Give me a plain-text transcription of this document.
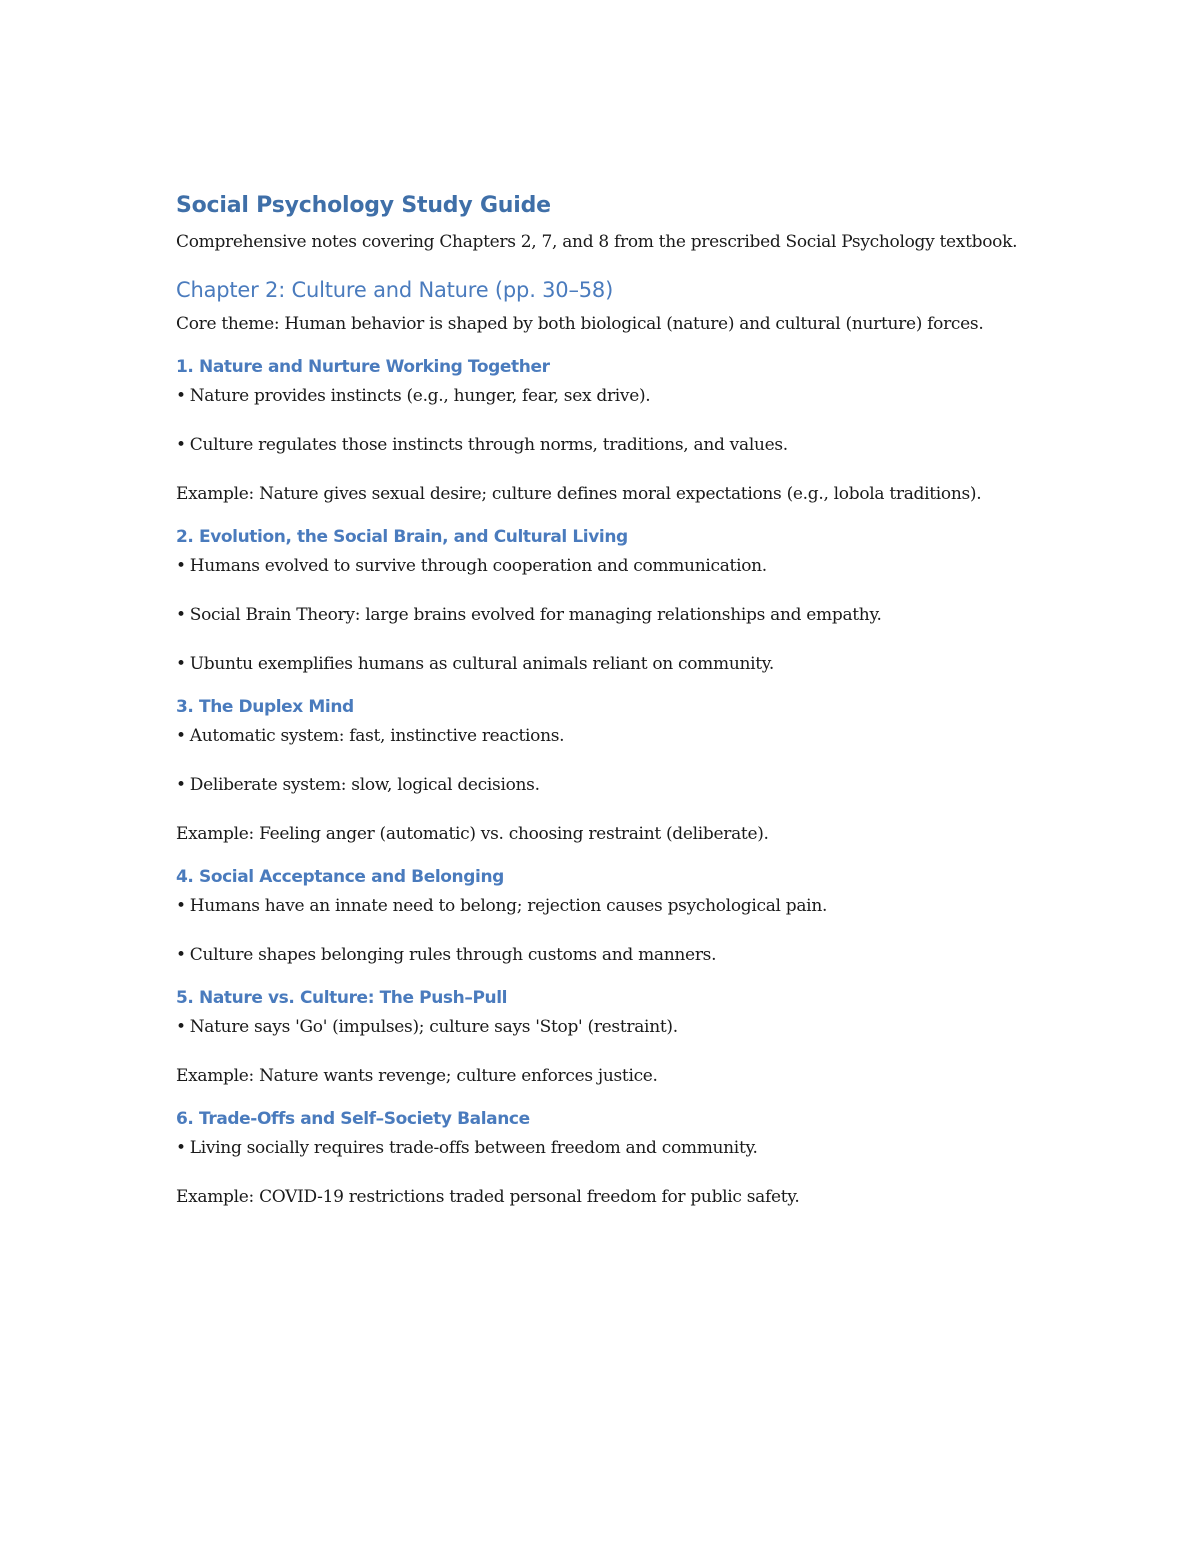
Social Psychology Study Guide
Comprehensive notes covering Chapters 2, 7, and 8 from the prescribed Social Psychology textbook.
Chapter 2: Culture and Nature (pp. 30–58)
Core theme: Human behavior is shaped by both biological (nature) and cultural (nurture) forces.
1. Nature and Nurture Working Together
• Nature provides instincts (e.g., hunger, fear, sex drive).
• Culture regulates those instincts through norms, traditions, and values.
Example: Nature gives sexual desire; culture defines moral expectations (e.g., lobola traditions).
2. Evolution, the Social Brain, and Cultural Living
• Humans evolved to survive through cooperation and communication.
• Social Brain Theory: large brains evolved for managing relationships and empathy.
• Ubuntu exemplifies humans as cultural animals reliant on community.
3. The Duplex Mind
• Automatic system: fast, instinctive reactions.
• Deliberate system: slow, logical decisions.
Example: Feeling anger (automatic) vs. choosing restraint (deliberate).
4. Social Acceptance and Belonging
• Humans have an innate need to belong; rejection causes psychological pain.
• Culture shapes belonging rules through customs and manners.
5. Nature vs. Culture: The Push–Pull
• Nature says 'Go' (impulses); culture says 'Stop' (restraint).
Example: Nature wants revenge; culture enforces justice.
6. Trade-Offs and Self–Society Balance
• Living socially requires trade-offs between freedom and community.
Example: COVID-19 restrictions traded personal freedom for public safety.
